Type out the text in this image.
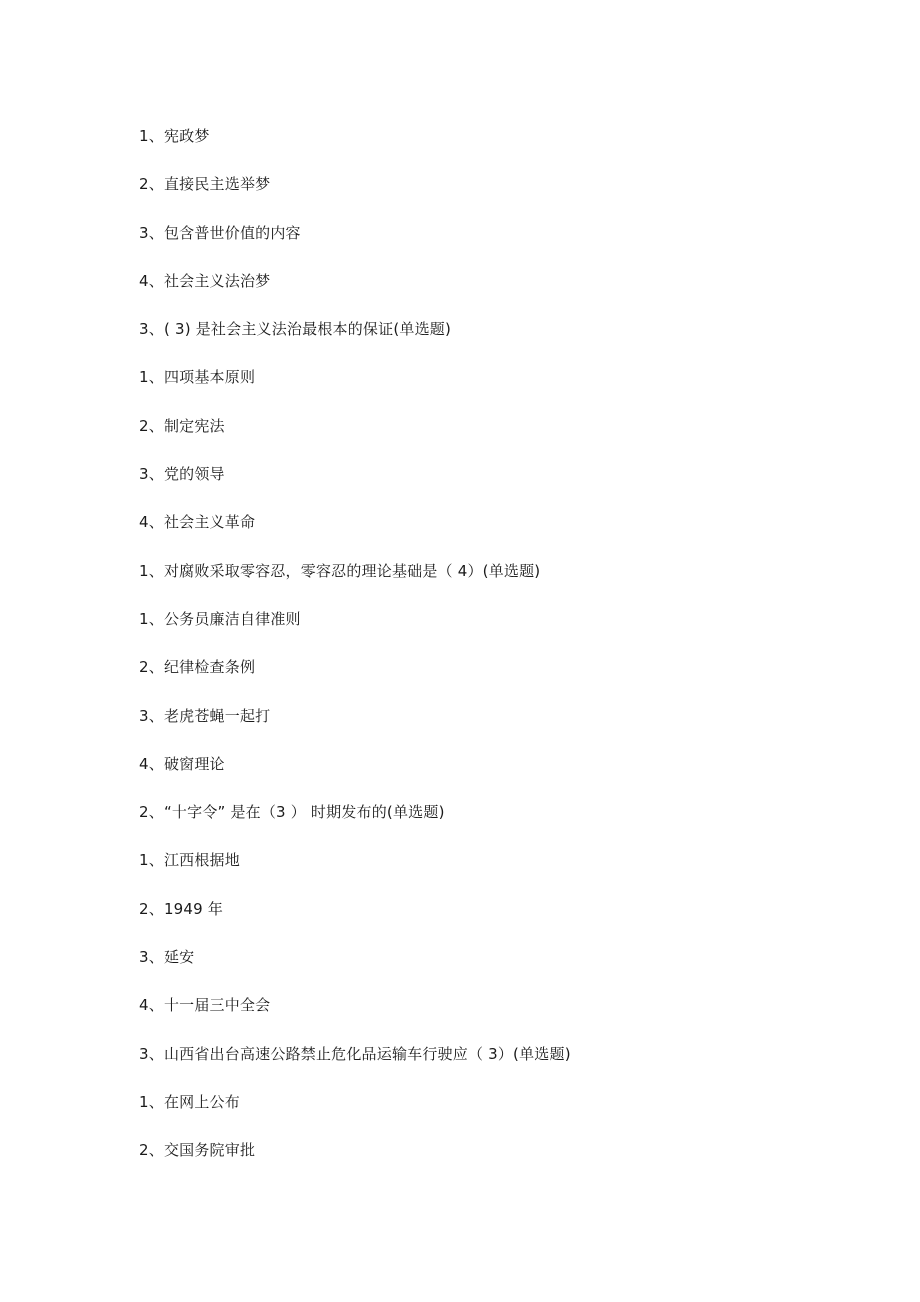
1、宪政梦
2、直接民主选举梦
3、包含普世价值的内容
4、社会主义法治梦
3、( 3) 是社会主义法治最根本的保证(单选题)
1、四项基本原则
2、制定宪法
3、党的领导
4、社会主义革命
1、对腐败采取零容忍，零容忍的理论基础是（ 4）(单选题)
1、公务员廉洁自律准则
2、纪律检查条例
3、老虎苍蝇一起打
4、破窗理论
2、“十字令” 是在（3 ） 时期发布的(单选题)
1、江西根据地
2、1949 年
3、延安
4、十一届三中全会
3、山西省出台高速公路禁止危化品运输车行驶应（ 3）(单选题)
1、在网上公布
2、交国务院审批
